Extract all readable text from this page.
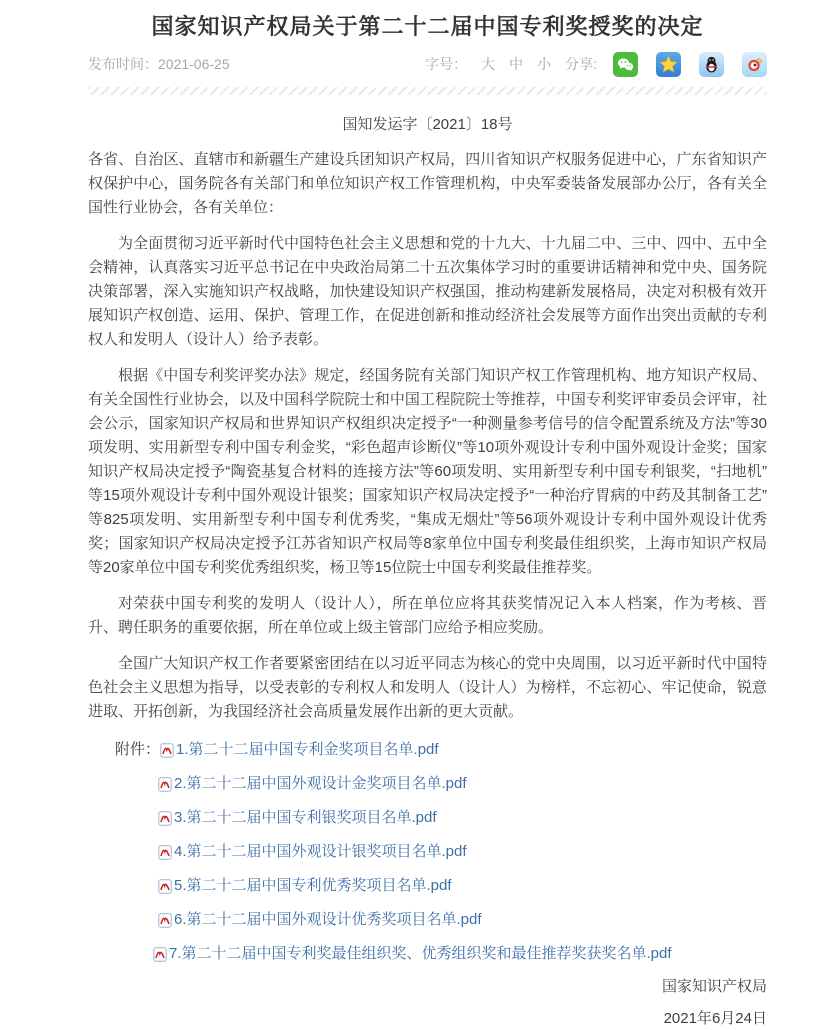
国家知识产权局关于第二十二届中国专利奖授奖的决定
发布时间： 2021-06-25	字号： 大 中 小 分享:
国知发运字〔2021〕18号

各省、自治区、直辖市和新疆生产建设兵团知识产权局，四川省知识产权服务促进中心，广东省知识产权保护中心，国务院各有关部门和单位知识产权工作管理机构，中央军委装备发展部办公厅，各有关全国性行业协会，各有关单位：

为全面贯彻习近平新时代中国特色社会主义思想和党的十九大、十九届二中、三中、四中、五中全会精神，认真落实习近平总书记在中央政治局第二十五次集体学习时的重要讲话精神和党中央、国务院决策部署，深入实施知识产权战略，加快建设知识产权强国，推动构建新发展格局，决定对积极有效开展知识产权创造、运用、保护、管理工作，在促进创新和推动经济社会发展等方面作出突出贡献的专利权人和发明人（设计人）给予表彰。

根据《中国专利奖评奖办法》规定，经国务院有关部门知识产权工作管理机构、地方知识产权局、有关全国性行业协会，以及中国科学院院士和中国工程院院士等推荐，中国专利奖评审委员会评审，社会公示，国家知识产权局和世界知识产权组织决定授予“一种测量参考信号的信令配置系统及方法”等30项发明、实用新型专利中国专利金奖，“彩色超声诊断仪”等10项外观设计专利中国外观设计金奖；国家知识产权局决定授予“陶瓷基复合材料的连接方法”等60项发明、实用新型专利中国专利银奖，“扫地机”等15项外观设计专利中国外观设计银奖；国家知识产权局决定授予“一种治疗胃病的中药及其制备工艺”等825项发明、实用新型专利中国专利优秀奖，“集成无烟灶”等56项外观设计专利中国外观设计优秀奖；国家知识产权局决定授予江苏省知识产权局等8家单位中国专利奖最佳组织奖，上海市知识产权局等20家单位中国专利奖优秀组织奖，杨卫等15位院士中国专利奖最佳推荐奖。

对荣获中国专利奖的发明人（设计人），所在单位应将其获奖情况记入本人档案，作为考核、晋升、聘任职务的重要依据，所在单位或上级主管部门应给予相应奖励。

全国广大知识产权工作者要紧密团结在以习近平同志为核心的党中央周围，以习近平新时代中国特色社会主义思想为指导，以受表彰的专利权人和发明人（设计人）为榜样，不忘初心、牢记使命，锐意进取、开拓创新，为我国经济社会高质量发展作出新的更大贡献。

附件： 1.第二十二届中国专利金奖项目名单.pdf
2.第二十二届中国外观设计金奖项目名单.pdf
3.第二十二届中国专利银奖项目名单.pdf
4.第二十二届中国外观设计银奖项目名单.pdf
5.第二十二届中国专利优秀奖项目名单.pdf
6.第二十二届中国外观设计优秀奖项目名单.pdf
7.第二十二届中国专利奖最佳组织奖、优秀组织奖和最佳推荐奖获奖名单.pdf
国家知识产权局
2021年6月24日
